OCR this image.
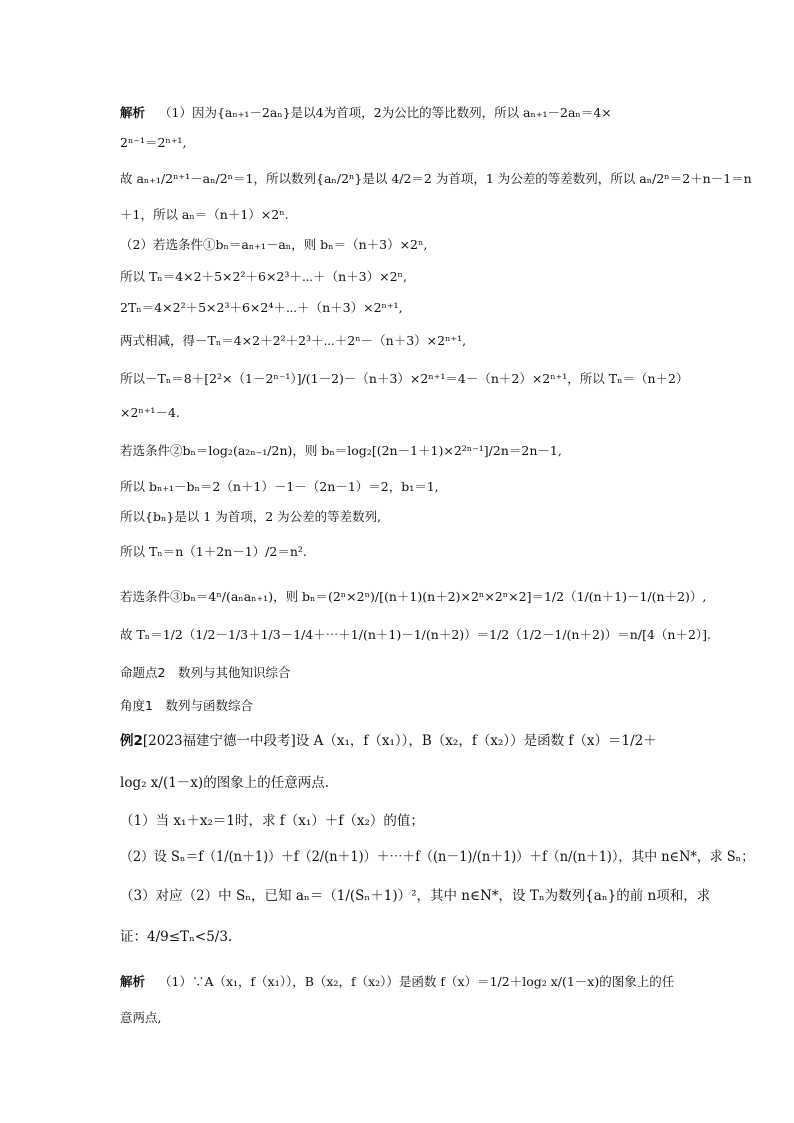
解析 （1）因为{aₙ₊₁－2aₙ}是以4为首项，2为公比的等比数列，所以 aₙ₊₁－2aₙ＝4×
2ⁿ⁻¹＝2ⁿ⁺¹,
故 aₙ₊₁/2ⁿ⁺¹－aₙ/2ⁿ＝1，所以数列{aₙ/2ⁿ}是以 4/2＝2 为首项，1 为公差的等差数列，所以 aₙ/2ⁿ＝2＋n－1＝n
＋1，所以 aₙ＝（n＋1）×2ⁿ.
（2）若选条件①bₙ＝aₙ₊₁－aₙ，则 bₙ＝（n＋3）×2ⁿ,
所以 Tₙ＝4×2＋5×2²＋6×2³＋⋯＋（n＋3）×2ⁿ,
2Tₙ＝4×2²＋5×2³＋6×2⁴＋⋯＋（n＋3）×2ⁿ⁺¹,
两式相减，得－Tₙ＝4×2＋2²＋2³＋⋯＋2ⁿ－（n＋3）×2ⁿ⁺¹,
所以－Tₙ＝8＋[2²×（1－2ⁿ⁻¹）]/(1－2)－（n＋3）×2ⁿ⁺¹＝4－（n＋2）×2ⁿ⁺¹，所以 Tₙ＝（n＋2）
×2ⁿ⁺¹－4.
若选条件②bₙ＝log₂(a₂ₙ₋₁/2n)，则 bₙ＝log₂[(2n－1＋1)×2²ⁿ⁻¹]/2n＝2n－1,
所以 bₙ₊₁－bₙ＝2（n＋1）－1－（2n－1）＝2，b₁＝1,
所以{bₙ}是以 1 为首项，2 为公差的等差数列,
所以 Tₙ＝n（1＋2n－1）/2＝n².
若选条件③bₙ＝4ⁿ/(aₙaₙ₊₁)，则 bₙ＝(2ⁿ×2ⁿ)/[(n＋1)(n＋2)×2ⁿ×2ⁿ×2]＝1/2（1/(n＋1)－1/(n＋2)）,
故 Tₙ＝1/2（1/2－1/3＋1/3－1/4＋⋯＋1/(n＋1)－1/(n＋2)）＝1/2（1/2－1/(n＋2)）＝n/[4（n＋2）].
命题点2　数列与其他知识综合
角度1　数列与函数综合
例2[2023福建宁德一中段考]设 A（x₁，f（x₁）），B（x₂，f（x₂））是函数 f（x）＝1/2＋
log₂ x/(1－x)的图象上的任意两点.
（1）当 x₁＋x₂＝1时，求 f（x₁）＋f（x₂）的值；
（2）设 Sₙ＝f（1/(n＋1)）＋f（2/(n＋1)）＋⋯＋f（(n－1)/(n＋1)）＋f（n/(n＋1)），其中 n∈N*，求 Sₙ；
（3）对应（2）中 Sₙ，已知 aₙ＝（1/(Sₙ＋1)）²，其中 n∈N*，设 Tₙ为数列{aₙ}的前 n项和，求
证：4/9≤Tₙ<5/3.
解析 （1）∵A（x₁，f（x₁）），B（x₂，f（x₂））是函数 f（x）＝1/2＋log₂ x/(1－x)的图象上的任
意两点,
